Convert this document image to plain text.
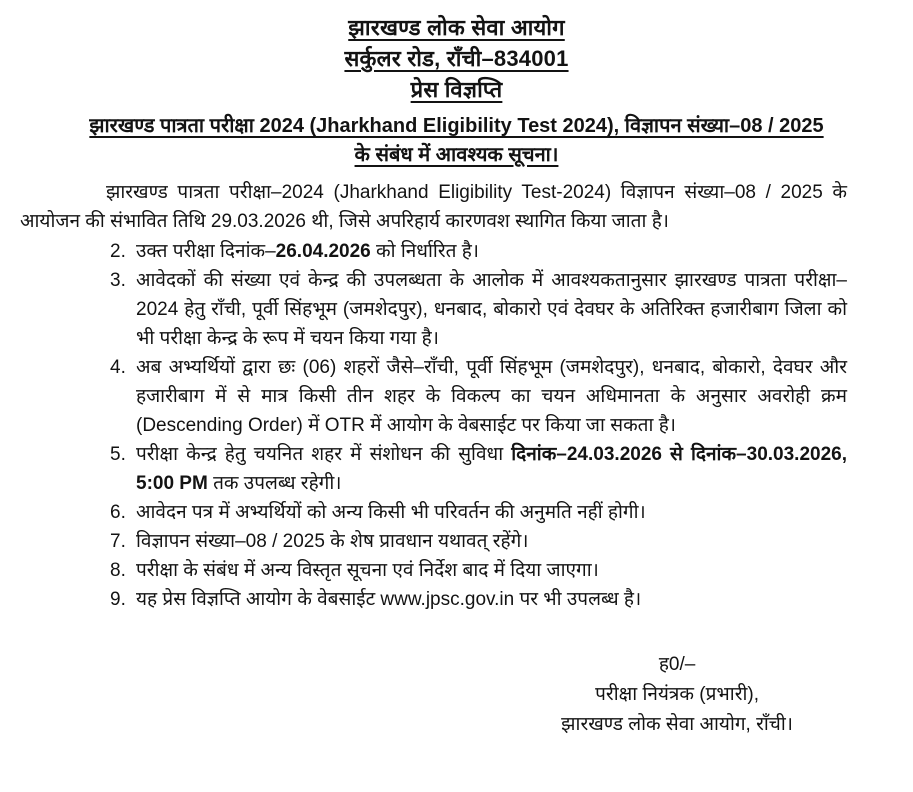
झारखण्ड लोक सेवा आयोग
सर्कुलर रोड, राँची–834001
प्रेस विज्ञप्ति
झारखण्ड पात्रता परीक्षा 2024 (Jharkhand Eligibility Test 2024), विज्ञापन संख्या–08 / 2025
के संबंध में आवश्यक सूचना।

झारखण्ड पात्रता परीक्षा–2024 (Jharkhand Eligibility Test-2024) विज्ञापन संख्या–08 / 2025 के आयोजन की संभावित तिथि 29.03.2026 थी, जिसे अपरिहार्य कारणवश स्थागित किया जाता है।

2. उक्त परीक्षा दिनांक–26.04.2026 को निर्धारित है।
3. आवेदकों की संख्या एवं केन्द्र की उपलब्धता के आलोक में आवश्यकतानुसार झारखण्ड पात्रता परीक्षा–2024 हेतु राँची, पूर्वी सिंहभूम (जमशेदपुर), धनबाद, बोकारो एवं देवघर के अतिरिक्त हजारीबाग जिला को भी परीक्षा केन्द्र के रूप में चयन किया गया है।
4. अब अभ्यर्थियों द्वारा छः (06) शहरों जैसे–राँची, पूर्वी सिंहभूम (जमशेदपुर), धनबाद, बोकारो, देवघर और हजारीबाग में से मात्र किसी तीन शहर के विकल्प का चयन अधिमानता के अनुसार अवरोही क्रम (Descending Order) में OTR में आयोग के वेबसाईट पर किया जा सकता है।
5. परीक्षा केन्द्र हेतु चयनित शहर में संशोधन की सुविधा दिनांक–24.03.2026 से दिनांक–30.03.2026, 5:00 PM तक उपलब्ध रहेगी।
6. आवेदन पत्र में अभ्यर्थियों को अन्य किसी भी परिवर्तन की अनुमति नहीं होगी।
7. विज्ञापन संख्या–08 / 2025 के शेष प्रावधान यथावत् रहेंगे।
8. परीक्षा के संबंध में अन्य विस्तृत सूचना एवं निर्देश बाद में दिया जाएगा।
9. यह प्रेस विज्ञप्ति आयोग के वेबसाईट www.jpsc.gov.in पर भी उपलब्ध है।
ह0/–
परीक्षा नियंत्रक (प्रभारी),
झारखण्ड लोक सेवा आयोग, राँची।
